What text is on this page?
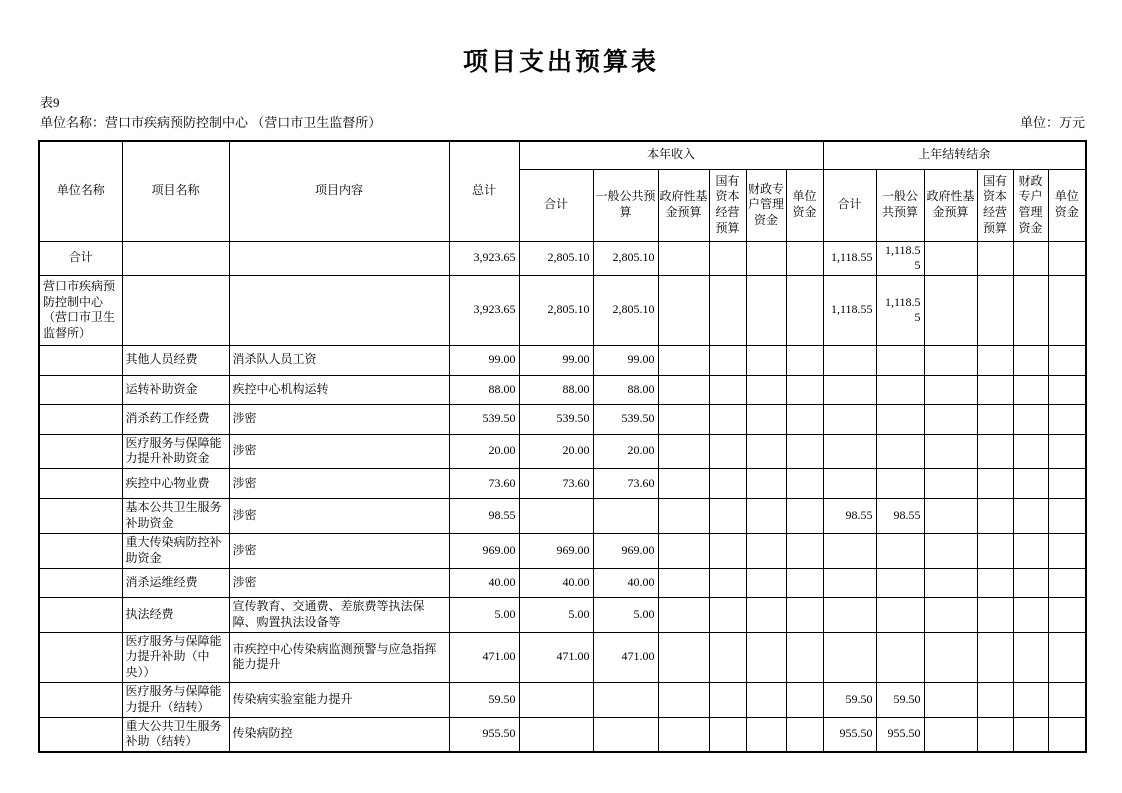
项目支出预算表
表9
单位名称：营口市疾病预防控制中心 （营口市卫生监督所）	单位：万元
单位名称	项目名称	项目内容	总计	本年收入						上年结转结余					
				合计	一般公共预算	政府性基金预算	国有资本经营预算	财政专户管理资金	单位资金	合计	一般公共预算	政府性基金预算	国有资本经营预算	财政专户管理资金	单位资金
合计			3,923.65	2,805.10	2,805.10					1,118.55	1,118.55				
营口市疾病预防控制中心（营口市卫生监督所）			3,923.65	2,805.10	2,805.10					1,118.55	1,118.55				
	其他人员经费	消杀队人员工资	99.00	99.00	99.00										
	运转补助资金	疾控中心机构运转	88.00	88.00	88.00										
	消杀药工作经费	涉密	539.50	539.50	539.50										
	医疗服务与保障能力提升补助资金	涉密	20.00	20.00	20.00										
	疾控中心物业费	涉密	73.60	73.60	73.60										
	基本公共卫生服务补助资金	涉密	98.55							98.55	98.55				
	重大传染病防控补助资金	涉密	969.00	969.00	969.00										
	消杀运维经费	涉密	40.00	40.00	40.00										
	执法经费	宣传教育、交通费、差旅费等执法保障、购置执法设备等	5.00	5.00	5.00										
	医疗服务与保障能力提升补助（中央））	市疾控中心传染病监测预警与应急指挥能力提升	471.00	471.00	471.00										
	医疗服务与保障能力提升（结转）	传染病实验室能力提升	59.50							59.50	59.50				
	重大公共卫生服务补助（结转）	传染病防控	955.50							955.50	955.50				
